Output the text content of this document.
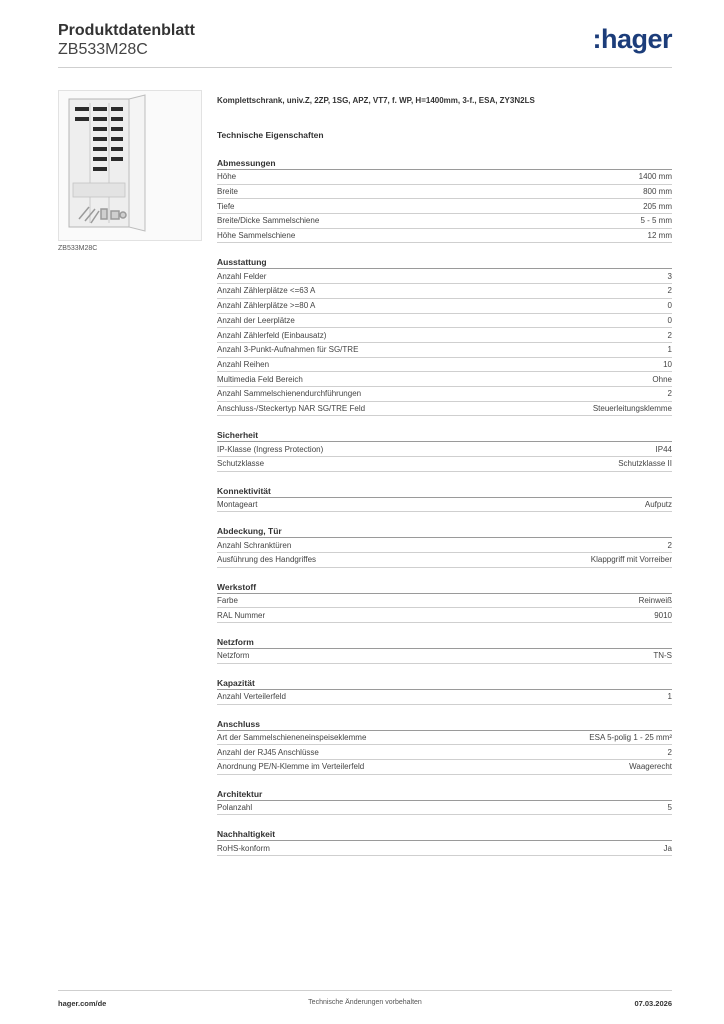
Produktdatenblatt
ZB533M28C	:hager
ZB533M28C
Komplettschrank, univ.Z, 2ZP, 1SG, APZ, VT7, f. WP, H=1400mm, 3-f., ESA, ZY3N2LS
Technische Eigenschaften
Abmessungen
Höhe	1400 mm
Breite	800 mm
Tiefe	205 mm
Breite/Dicke Sammelschiene	5 - 5 mm
Höhe Sammelschiene	12 mm
Ausstattung
Anzahl Felder	3
Anzahl Zählerplätze <=63 A	2
Anzahl Zählerplätze >=80 A	0
Anzahl der Leerplätze	0
Anzahl Zählerfeld (Einbausatz)	2
Anzahl 3-Punkt-Aufnahmen für SG/TRE	1
Anzahl Reihen	10
Multimedia Feld Bereich	Ohne
Anzahl Sammelschienendurchführungen	2
Anschluss-/Steckertyp NAR SG/TRE Feld	Steuerleitungsklemme
Sicherheit
IP-Klasse (Ingress Protection)	IP44
Schutzklasse	Schutzklasse II
Konnektivität
Montageart	Aufputz
Abdeckung, Tür
Anzahl Schranktüren	2
Ausführung des Handgriffes	Klappgriff mit Vorreiber
Werkstoff
Farbe	Reinweiß
RAL Nummer	9010
Netzform
Netzform	TN-S
Kapazität
Anzahl Verteilerfeld	1
Anschluss
Art der Sammelschieneneinspeiseklemme	ESA 5-polig 1 - 25 mm²
Anzahl der RJ45 Anschlüsse	2
Anordnung PE/N-Klemme im Verteilerfeld	Waagerecht
Architektur
Polanzahl	5
Nachhaltigkeit
RoHS-konform	Ja
hager.com/de	Technische Änderungen vorbehalten	07.03.2026
